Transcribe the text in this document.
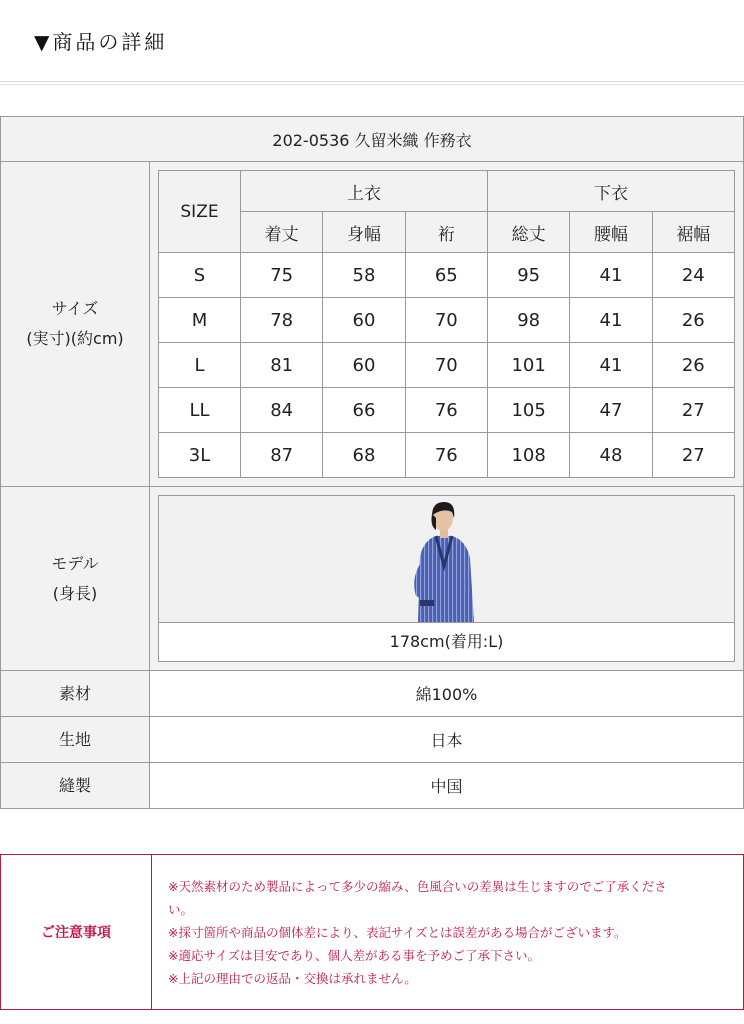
▼商品の詳細
202-0536 久留米織 作務衣

サイズ
(実寸)(約cm)

SIZE	上衣	下衣
着丈	身幅	裄	総丈	腰幅	裾幅
S	75	58	65	95	41	24
M	78	60	70	98	41	26
L	81	60	70	101	41	26
LL	84	66	76	105	47	27
3L	87	68	76	108	48	27

モデル
(身長)

178cm(着用:L)

素材	綿100%
生地	日本
縫製	中国
ご注意事項
※天然素材のため製品によって多少の縮み、色風合いの差異は生じますのでご了承くださ
い。
※採寸箇所や商品の個体差により、表記サイズとは誤差がある場合がございます。
※適応サイズは目安であり、個人差がある事を予めご了承下さい。
※上記の理由での返品・交換は承れません。
